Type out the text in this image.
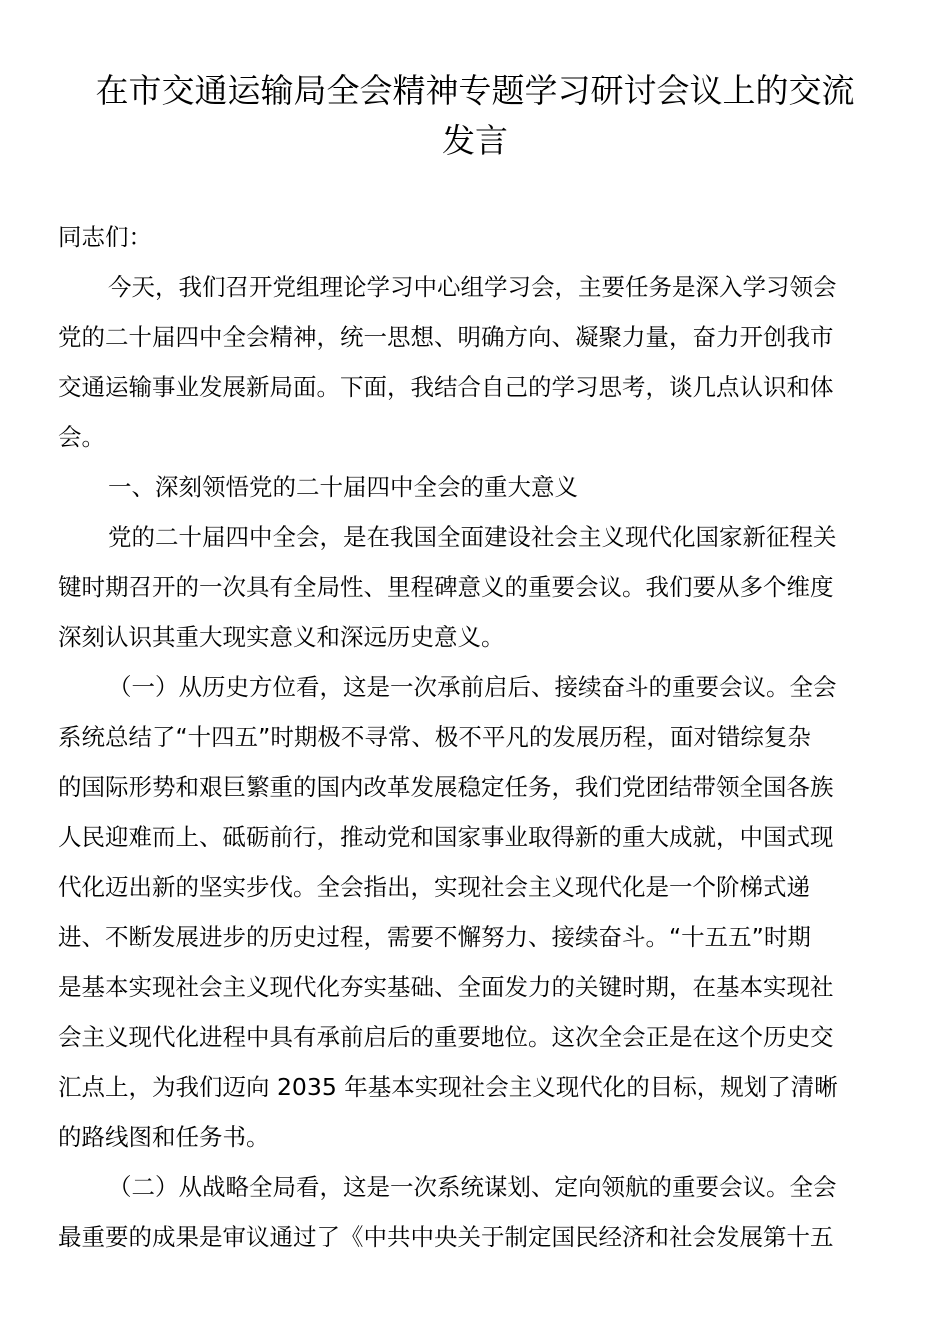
在市交通运输局全会精神专题学习研讨会议上的交流
发言

同志们：

今天，我们召开党组理论学习中心组学习会，主要任务是深入学习领会

党的二十届四中全会精神，统一思想、明确方向、凝聚力量，奋力开创我市

交通运输事业发展新局面。下面，我结合自己的学习思考，谈几点认识和体

会。

一、深刻领悟党的二十届四中全会的重大意义

党的二十届四中全会，是在我国全面建设社会主义现代化国家新征程关

键时期召开的一次具有全局性、里程碑意义的重要会议。我们要从多个维度

深刻认识其重大现实意义和深远历史意义。

（一）从历史方位看，这是一次承前启后、接续奋斗的重要会议。全会

系统总结了“十四五”时期极不寻常、极不平凡的发展历程，面对错综复杂

的国际形势和艰巨繁重的国内改革发展稳定任务，我们党团结带领全国各族

人民迎难而上、砥砺前行，推动党和国家事业取得新的重大成就，中国式现

代化迈出新的坚实步伐。全会指出，实现社会主义现代化是一个阶梯式递

进、不断发展进步的历史过程，需要不懈努力、接续奋斗。“十五五”时期

是基本实现社会主义现代化夯实基础、全面发力的关键时期，在基本实现社

会主义现代化进程中具有承前启后的重要地位。这次全会正是在这个历史交

汇点上，为我们迈向 2035 年基本实现社会主义现代化的目标，规划了清晰

的路线图和任务书。

（二）从战略全局看，这是一次系统谋划、定向领航的重要会议。全会

最重要的成果是审议通过了《中共中央关于制定国民经济和社会发展第十五
